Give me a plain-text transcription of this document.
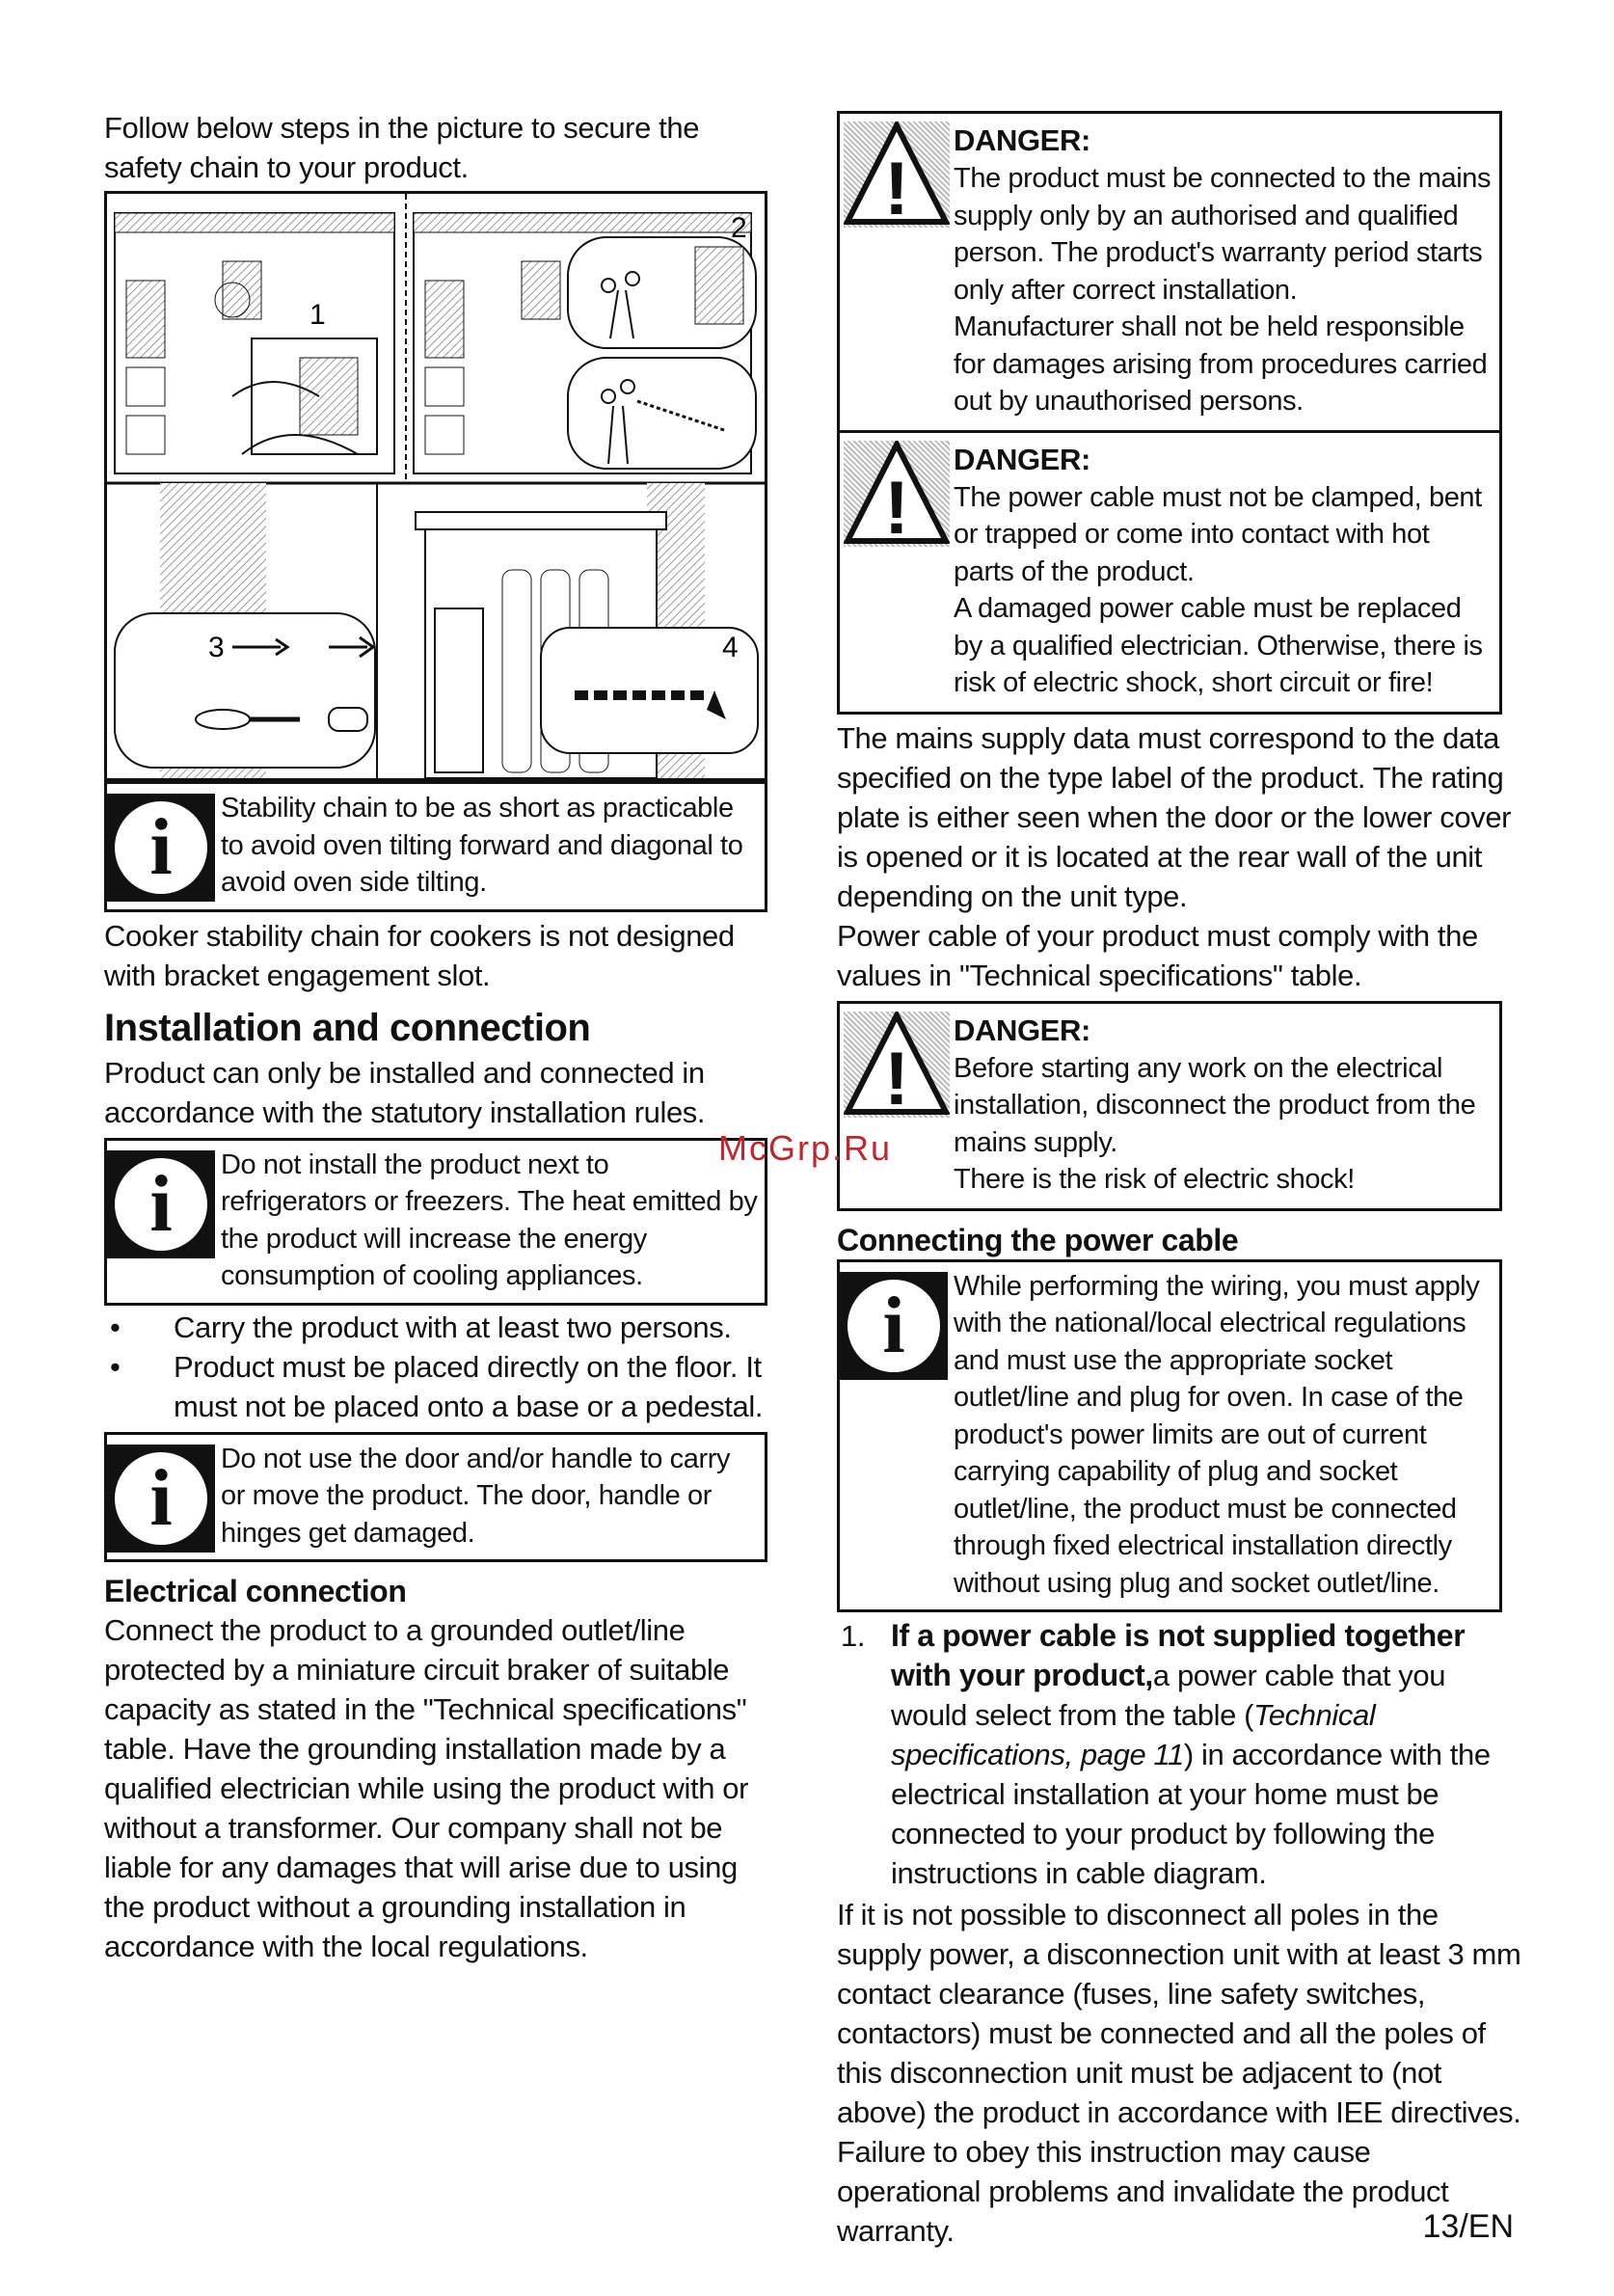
Follow below steps in the picture to secure the safety chain to your product.

1
2
3	4
i	Stability chain to be as short as practicable to avoid oven tilting forward and diagonal to avoid oven side tilting.

Cooker stability chain for cookers is not designed with bracket engagement slot.

Installation and connection

Product can only be installed and connected in accordance with the statutory installation rules.

i	Do not install the product next to refrigerators or freezers. The heat emitted by the product will increase the energy consumption of cooling appliances.
• Carry the product with at least two persons.
• Product must be placed directly on the floor. It must not be placed onto a base or a pedestal.
i	Do not use the door and/or handle to carry or move the product. The door, handle or hinges get damaged.
Electrical connection

Connect the product to a grounded outlet/line protected by a miniature circuit braker of suitable capacity as stated in the "Technical specifications" table. Have the grounding installation made by a qualified electrician while using the product with or without a transformer. Our company shall not be liable for any damages that will arise due to using the product without a grounding installation in accordance with the local regulations.

!
DANGER:
The product must be connected to the mains supply only by an authorised and qualified person. The product's warranty period starts only after correct installation.
Manufacturer shall not be held responsible for damages arising from procedures carried out by unauthorised persons.
!
DANGER:
The power cable must not be clamped, bent or trapped or come into contact with hot parts of the product.
A damaged power cable must be replaced by a qualified electrician. Otherwise, there is risk of electric shock, short circuit or fire!

The mains supply data must correspond to the data specified on the type label of the product. The rating plate is either seen when the door or the lower cover is opened or it is located at the rear wall of the unit depending on the unit type.

Power cable of your product must comply with the values in "Technical specifications" table.

!
DANGER:
Before starting any work on the electrical installation, disconnect the product from the mains supply.
There is the risk of electric shock!
Connecting the power cable
i	While performing the wiring, you must apply with the national/local electrical regulations and must use the appropriate socket outlet/line and plug for oven. In case of the product's power limits are out of current carrying capability of plug and socket outlet/line, the product must be connected through fixed electrical installation directly without using plug and socket outlet/line.
1. If a power cable is not supplied together with your product,a power cable that you would select from the table (Technical specifications, page 11) in accordance with the electrical installation at your home must be connected to your product by following the instructions in cable diagram.

If it is not possible to disconnect all poles in the supply power, a disconnection unit with at least 3 mm contact clearance (fuses, line safety switches, contactors) must be connected and all the poles of this disconnection unit must be adjacent to (not above) the product in accordance with IEE directives. Failure to obey this instruction may cause operational problems and invalidate the product warranty.

McGrp.Ru
13/EN
